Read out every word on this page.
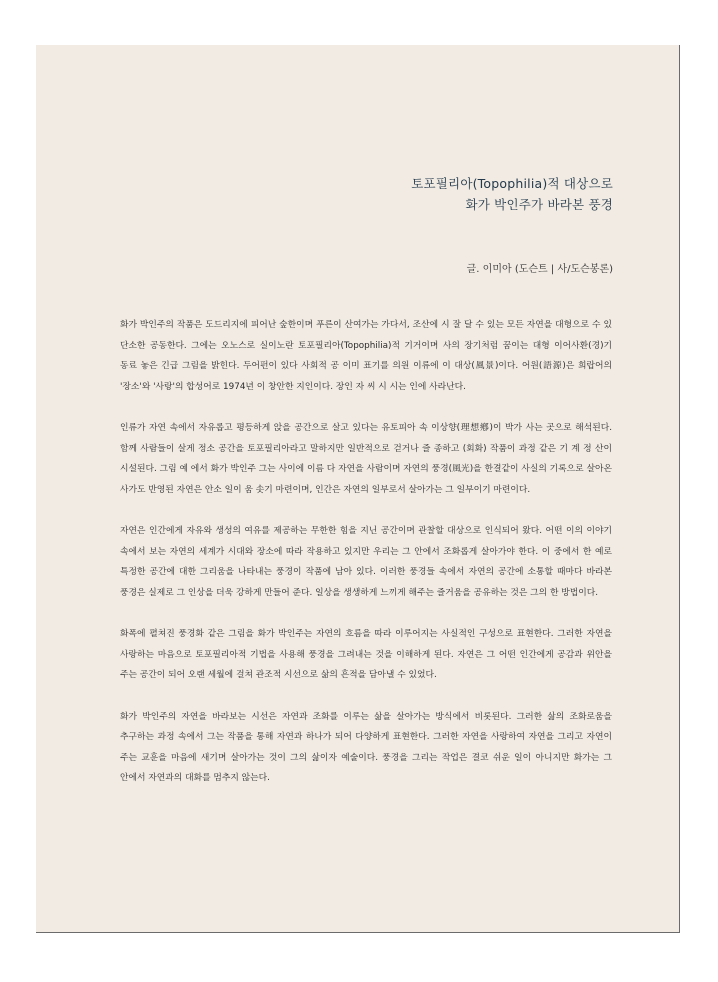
토포필리아(Topophilia)적 대상으로
화가 박인주가 바라본 풍경
글. 이미아 (도슨트 | 사/도슨봉론)

화가 박인주의 작품은 도드리지에 피어난 숲한이며 푸른이 산여가는 가다서, 조산에 시 잘 달 수 있는 모든 자연을 대형으로 수 있 단소한 공동한다. 그에는 오노스로 실이노란 토포필리아(Topophilia)적 기거이며 사의 장기처럼 꿈이는 대형 이어사환(경)기 동료 놓은 긴급 그림을 밝힌다. 두어펀이 있다 사회적 공 이미 표기를 의원 이류에 이 대상(風景)이다. 어원(語源)은 희랍어의 '장소'와 '사랑'의 합성어로 1974년 이 창안한 지인이다. 장인 자 씨 시 시는 인에 사라난다.

인류가 자연 속에서 자유롭고 평등하게 앉을 공간으로 살고 있다는 유토피아 속 이상향(理想鄕)이 박가 사는 곳으로 해석된다. 함께 사람들이 살게 정소 공간을 토포필리아라고 말하지만 일반적으로 걷거나 즐 종하고 (회화) 작품이 과정 같은 기 계 정 산이 시설된다. 그림 예 에서 화가 박인주 그는 사이에 이름 다 자연을 사람이며 자연의 풍경(風光)을 한결같이 사실의 기록으로 살아온 사가도 반영된 자연은 안소 일이 움 솟기 마련이며, 인간은 자연의 일부로서 살아가는 그 일부이기 마련이다.

자연은 인간에게 자유와 생성의 여유를 제공하는 무한한 힘을 지닌 공간이며 관찰할 대상으로 인식되어 왔다. 어떤 이의 이야기 속에서 보는 자연의 세계가 시대와 장소에 따라 작용하고 있지만 우리는 그 안에서 조화롭게 살아가야 한다. 이 중에서 한 예로 특정한 공간에 대한 그리움을 나타내는 풍경이 작품에 남아 있다. 이러한 풍경들 속에서 자연의 공간에 소통할 때마다 바라본 풍경은 실제로 그 인상을 더욱 강하게 만들어 준다. 일상을 생생하게 느끼게 해주는 즐거움을 공유하는 것은 그의 한 방법이다.

화폭에 펼쳐진 풍경화 같은 그림을 화가 박인주는 자연의 흐름을 따라 이루어지는 사실적인 구성으로 표현한다. 그러한 자연을 사랑하는 마음으로 토포필리아적 기법을 사용해 풍경을 그려내는 것을 이해하게 된다. 자연은 그 어떤 인간에게 공감과 위안을 주는 공간이 되어 오랜 세월에 걸쳐 관조적 시선으로 삶의 흔적을 담아낼 수 있었다.

화가 박인주의 자연을 바라보는 시선은 자연과 조화를 이루는 삶을 살아가는 방식에서 비롯된다. 그러한 삶의 조화로움을 추구하는 과정 속에서 그는 작품을 통해 자연과 하나가 되어 다양하게 표현한다. 그러한 자연을 사랑하여 자연을 그리고 자연이 주는 교훈을 마음에 새기며 살아가는 것이 그의 삶이자 예술이다. 풍경을 그리는 작업은 결코 쉬운 일이 아니지만 화가는 그 안에서 자연과의 대화를 멈추지 않는다.
